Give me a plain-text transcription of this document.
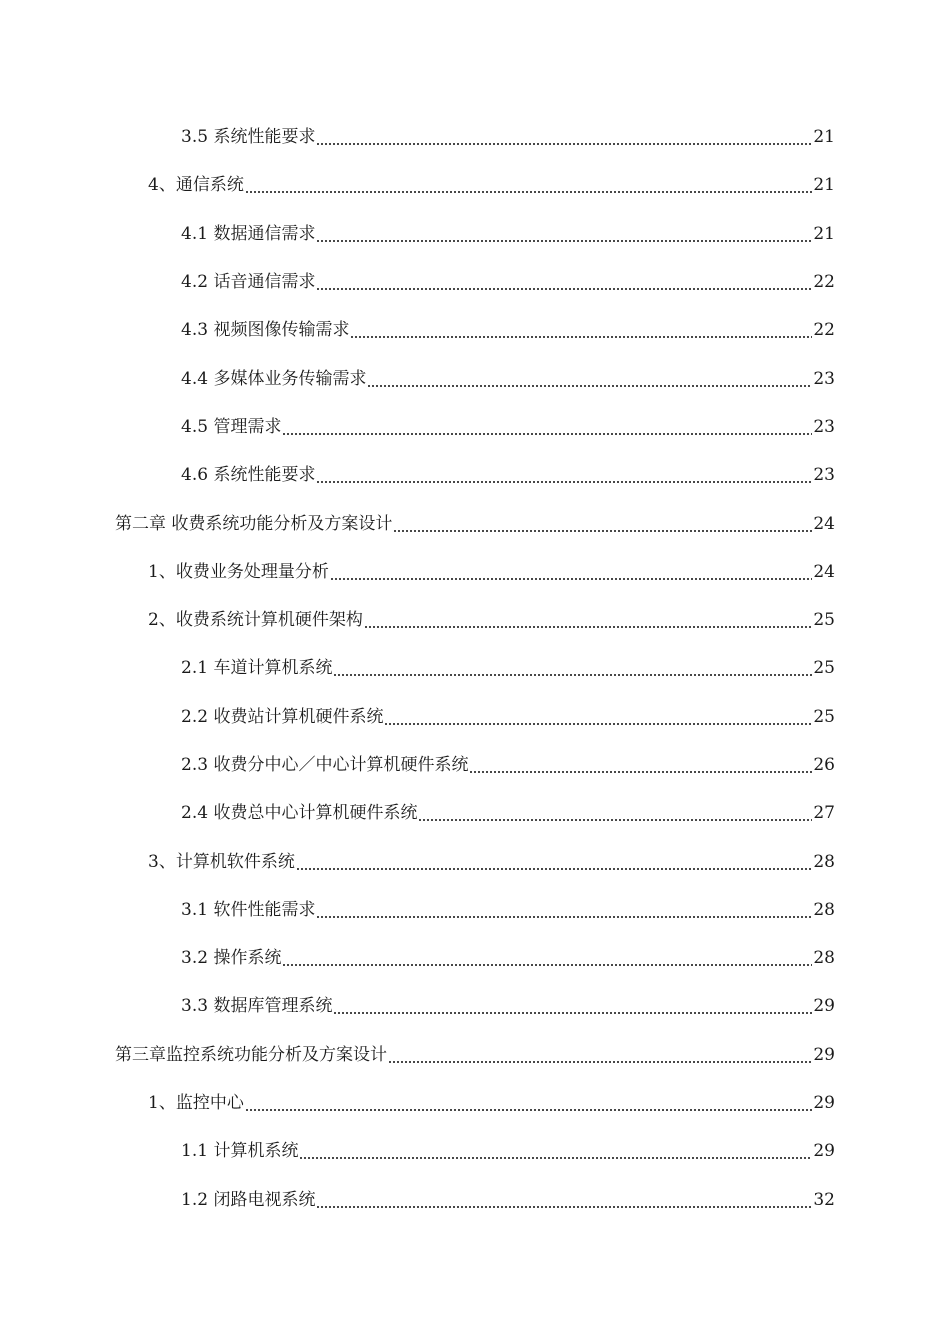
3.5 系统性能要求	21
4、通信系统	21
4.1 数据通信需求	21
4.2 话音通信需求	22
4.3 视频图像传输需求	22
4.4 多媒体业务传输需求	23
4.5 管理需求	23
4.6 系统性能要求	23
第二章 收费系统功能分析及方案设计	24
1、收费业务处理量分析	24
2、收费系统计算机硬件架构	25
2.1 车道计算机系统	25
2.2 收费站计算机硬件系统	25
2.3 收费分中心／中心计算机硬件系统	26
2.4 收费总中心计算机硬件系统	27
3、计算机软件系统	28
3.1 软件性能需求	28
3.2 操作系统	28
3.3 数据库管理系统	29
第三章监控系统功能分析及方案设计	29
1、监控中心	29
1.1 计算机系统	29
1.2 闭路电视系统	32
